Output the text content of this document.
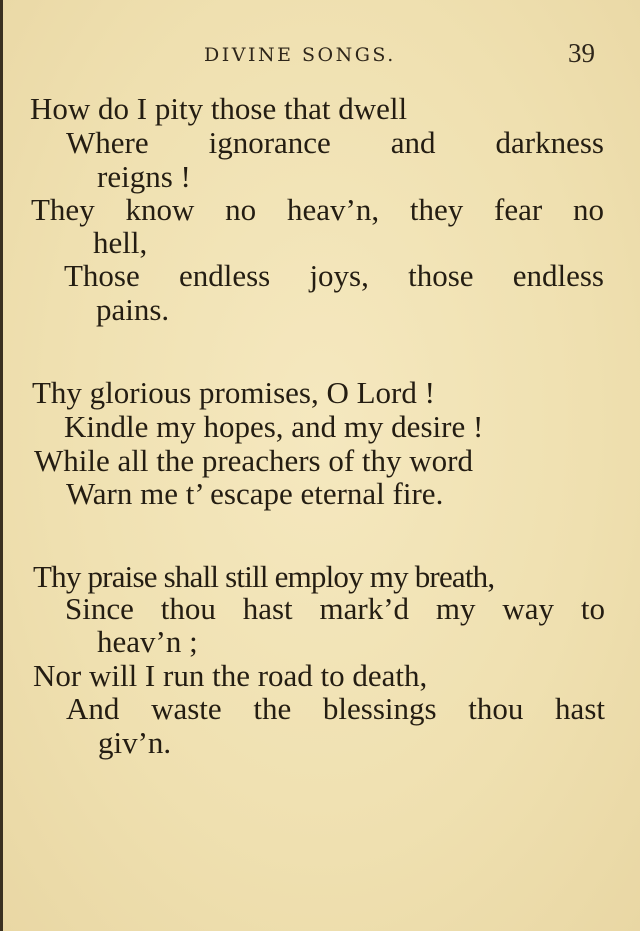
DIVINE SONGS.	39
How do I pity those that dwell
Where ignorance and darkness
reigns !
They know no heav’n, they fear no
hell,
Those endless joys, those endless
pains.
Thy glorious promises, O Lord !
Kindle my hopes, and my desire !
While all the preachers of thy word
Warn me t’ escape eternal fire.
Thy praise shall still employ my breath,
Since thou hast mark’d my way to
heav’n ;
Nor will I run the road to death,
And waste the blessings thou hast
giv’n.
